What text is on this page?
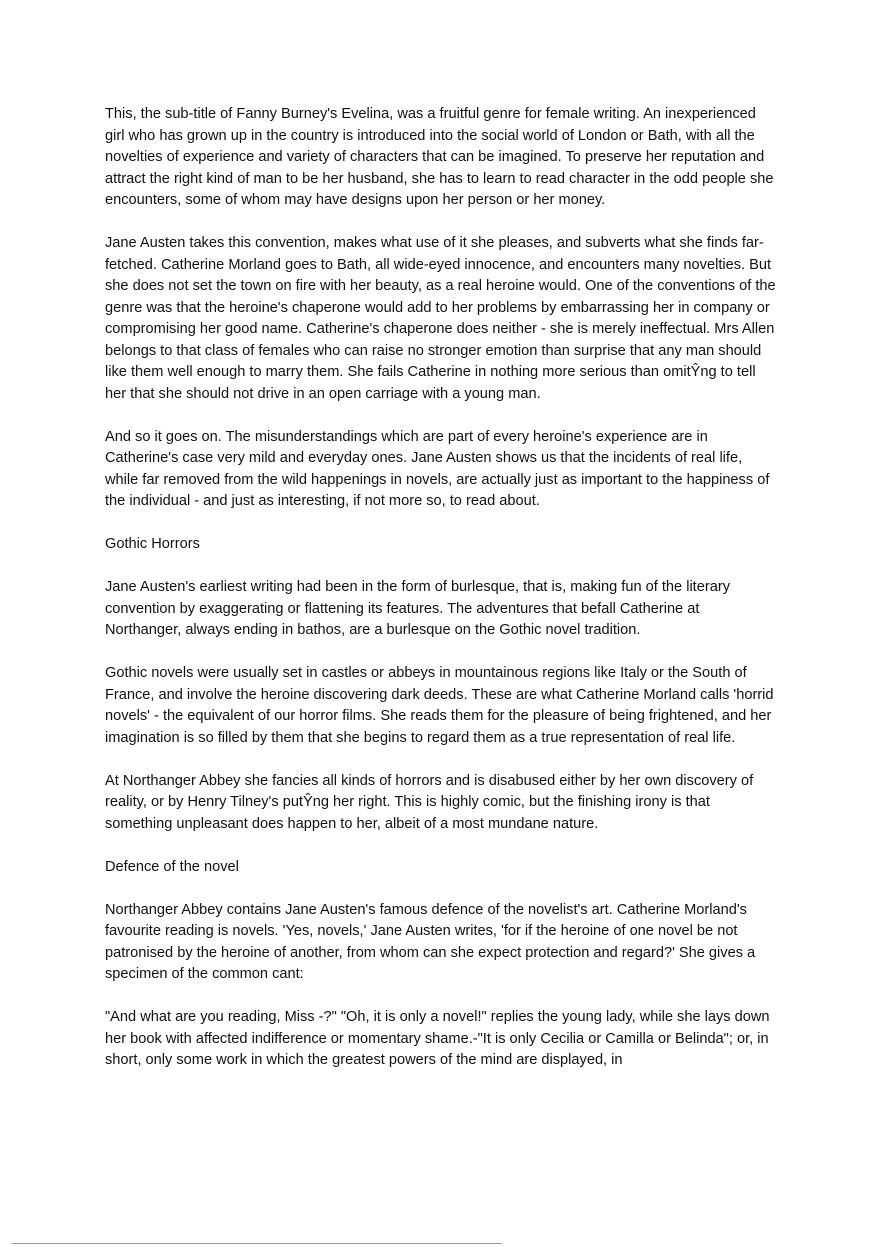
This, the sub-title of Fanny Burney's Evelina, was a fruitful genre for female writing. An inexperienced girl who has grown up in the country is introduced into the social world of London or Bath, with all the novelties of experience and variety of characters that can be imagined. To preserve her reputation and attract the right kind of man to be her husband, she has to learn to read character in the odd people she encounters, some of whom may have designs upon her person or her money.

Jane Austen takes this convention, makes what use of it she pleases, and subverts what she finds far-fetched. Catherine Morland goes to Bath, all wide-eyed innocence, and encounters many novelties. But she does not set the town on fire with her beauty, as a real heroine would. One of the conventions of the genre was that the heroine's chaperone would add to her problems by embarrassing her in company or compromising her good name. Catherine's chaperone does neither - she is merely ineffectual. Mrs Allen belongs to that class of females who can raise no stronger emotion than surprise that any man should like them well enough to marry them. She fails Catherine in nothing more serious than omitŶng to tell her that she should not drive in an open carriage with a young man.

And so it goes on. The misunderstandings which are part of every heroine's experience are in Catherine's case very mild and everyday ones. Jane Austen shows us that the incidents of real life, while far removed from the wild happenings in novels, are actually just as important to the happiness of the individual - and just as interesting, if not more so, to read about.

Gothic Horrors

Jane Austen's earliest writing had been in the form of burlesque, that is, making fun of the literary convention by exaggerating or flattening its features. The adventures that befall Catherine at Northanger, always ending in bathos, are a burlesque on the Gothic novel tradition.

Gothic novels were usually set in castles or abbeys in mountainous regions like Italy or the South of France, and involve the heroine discovering dark deeds. These are what Catherine Morland calls 'horrid novels' - the equivalent of our horror films. She reads them for the pleasure of being frightened, and her imagination is so filled by them that she begins to regard them as a true representation of real life.

At Northanger Abbey she fancies all kinds of horrors and is disabused either by her own discovery of reality, or by Henry Tilney's putŶng her right. This is highly comic, but the finishing irony is that something unpleasant does happen to her, albeit of a most mundane nature.

Defence of the novel

Northanger Abbey contains Jane Austen's famous defence of the novelist's art. Catherine Morland's favourite reading is novels. 'Yes, novels,' Jane Austen writes, 'for if the heroine of one novel be not patronised by the heroine of another, from whom can she expect protection and regard?' She gives a specimen of the common cant:

"And what are you reading, Miss -?" "Oh, it is only a novel!" replies the young lady, while she lays down her book with affected indifference or momentary shame.-"It is only Cecilia or Camilla or Belinda"; or, in short, only some work in which the greatest powers of the mind are displayed, in
